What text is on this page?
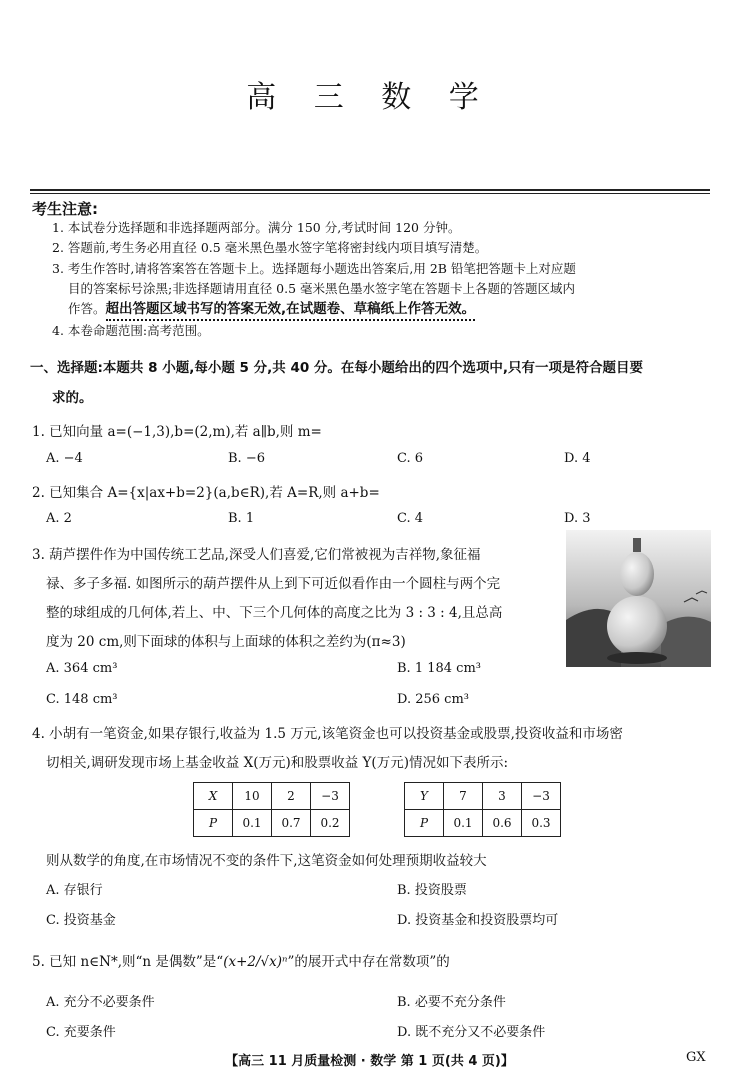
高 三 数 学
考生注意:
1. 本试卷分选择题和非选择题两部分。满分 150 分,考试时间 120 分钟。
2. 答题前,考生务必用直径 0.5 毫米黑色墨水签字笔将密封线内项目填写清楚。
3. 考生作答时,请将答案答在答题卡上。选择题每小题选出答案后,用 2B 铅笔把答题卡上对应题
目的答案标号涂黑;非选择题请用直径 0.5 毫米黑色墨水签字笔在答题卡上各题的答题区域内
作答。超出答题区域书写的答案无效,在试题卷、草稿纸上作答无效。
4. 本卷命题范围:高考范围。
一、选择题:本题共 8 小题,每小题 5 分,共 40 分。在每小题给出的四个选项中,只有一项是符合题目要
求的。
1. 已知向量 a=(−1,3),b=(2,m),若 a∥b,则 m=
A. −4	B. −6	C. 6	D. 4
2. 已知集合 A={x|ax+b=2}(a,b∈R),若 A=R,则 a+b=
A. 2	B. 1	C. 4	D. 3
3. 葫芦摆件作为中国传统工艺品,深受人们喜爱,它们常被视为吉祥物,象征福
禄、多子多福. 如图所示的葫芦摆件从上到下可近似看作由一个圆柱与两个完
整的球组成的几何体,若上、中、下三个几何体的高度之比为 3 : 3 : 4,且总高
度为 20 cm,则下面球的体积与上面球的体积之差约为(π≈3)
A. 364 cm³	B. 1 184 cm³
C. 148 cm³	D. 256 cm³
4. 小胡有一笔资金,如果存银行,收益为 1.5 万元,该笔资金也可以投资基金或股票,投资收益和市场密
切相关,调研发现市场上基金收益 X(万元)和股票收益 Y(万元)情况如下表所示:
X	10	2	−3
P	0.1	0.7	0.2
Y	7	3	−3
P	0.1	0.6	0.3
则从数学的角度,在市场情况不变的条件下,这笔资金如何处理预期收益较大
A. 存银行	B. 投资股票
C. 投资基金	D. 投资基金和投资股票均可
5. 已知 n∈N*,则“n 是偶数”是“(x+2/√x)ⁿ”的展开式中存在常数项”的
A. 充分不必要条件	B. 必要不充分条件
C. 充要条件	D. 既不充分又不必要条件
【高三 11 月质量检测 · 数学 第 1 页(共 4 页)】	GX
